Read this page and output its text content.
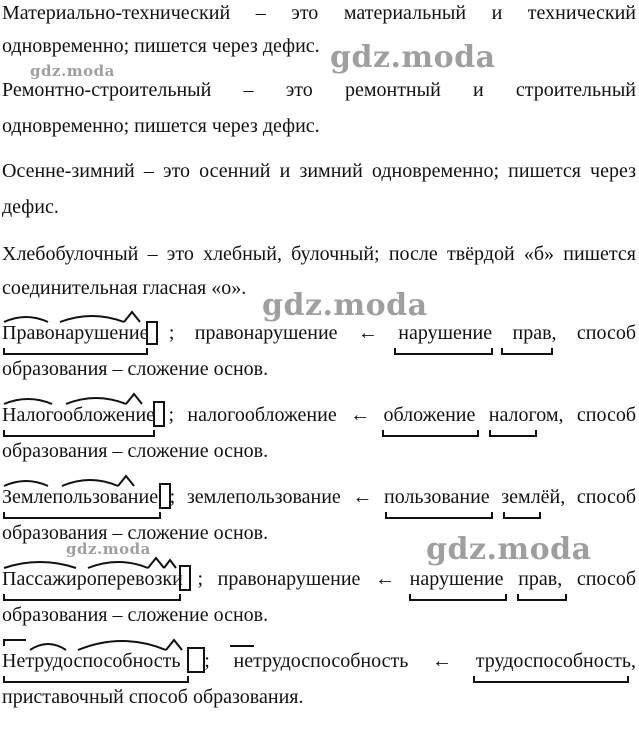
Материально-технический – это материальный и технический
одновременно; пишется через дефис.
Ремонтно-строительный – это ремонтный и строительный
одновременно; пишется через дефис.
Осенне-зимний – это осенний и зимний одновременно; пишется через
дефис.
Хлебобулочный – это хлебный, булочный; после твёрдой «б» пишется
соединительная гласная «о».
Правонарушение ; правонарушение ← нарушение прав, способ
образования – сложение основ.
Налогообложение ; налогообложение ← обложение налогом, способ
образования – сложение основ.
Землепользование ; землепользование ← пользование землёй, способ
образования – сложение основ.
Пассажироперевозки ; правонарушение ← нарушение прав, способ
образования – сложение основ.
Нетрудоспособность ; нетрудоспособность ← трудоспособность,
приставочный способ образования.
gdz.moda
gdz.moda
gdz.moda
gdz.moda	gdz.moda
